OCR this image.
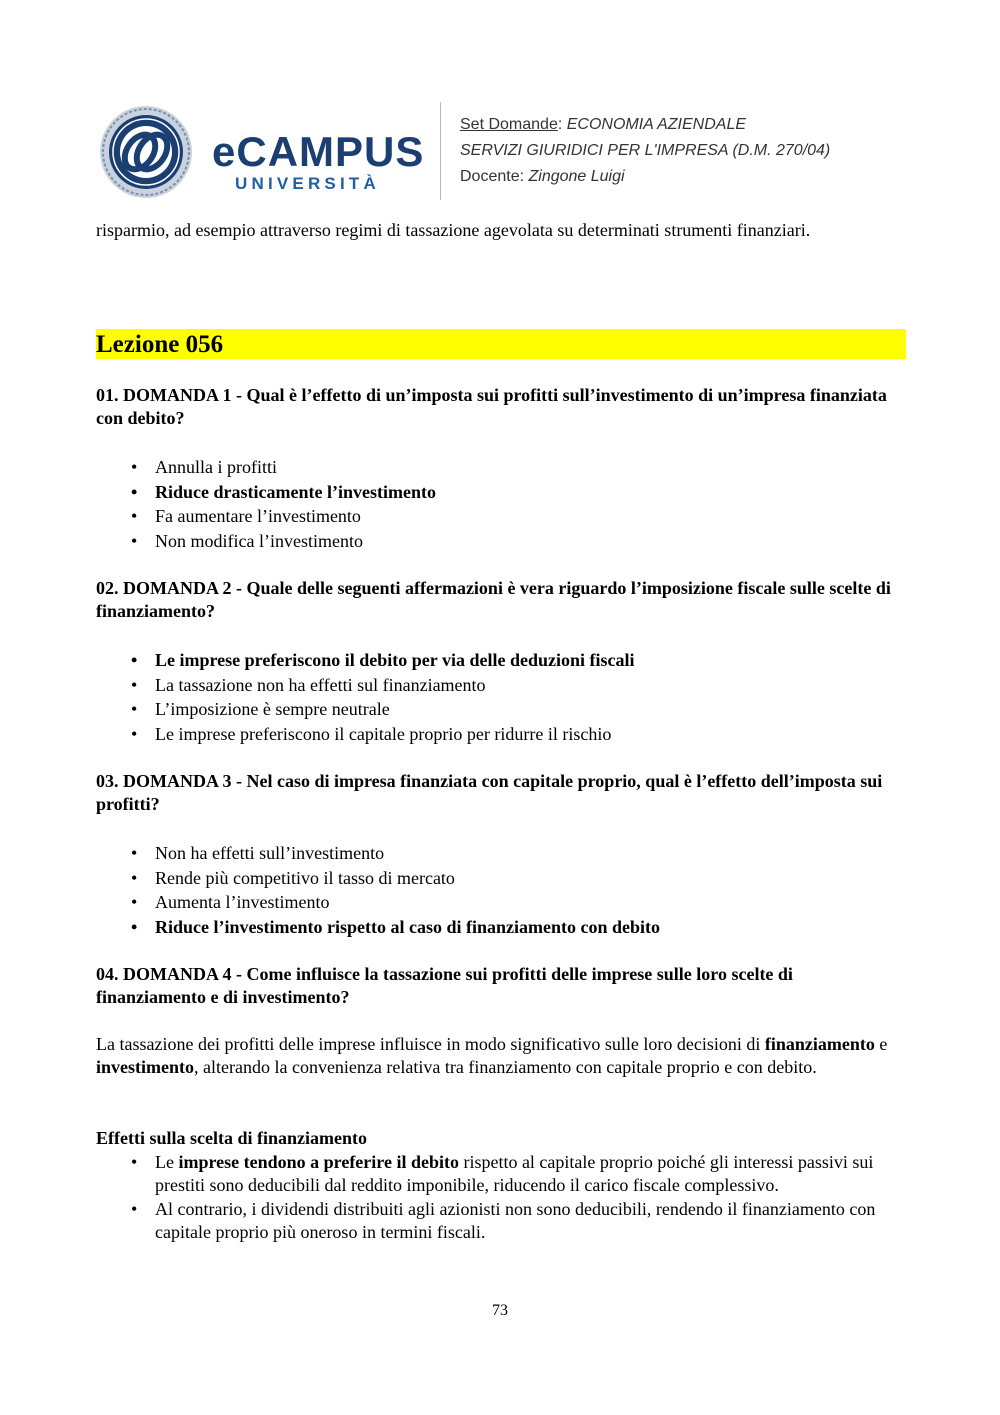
eCAMPUS
UNIVERSITÀ
Set Domande: ECONOMIA AZIENDALE
SERVIZI GIURIDICI PER L'IMPRESA (D.M. 270/04)
Docente: Zingone Luigi

risparmio, ad esempio attraverso regimi di tassazione agevolata su determinati strumenti finanziari.

Lezione 056

01. DOMANDA 1 - Qual è l’effetto di un’imposta sui profitti sull’investimento di un’impresa finanziata con debito?

• Annulla i profitti
• Riduce drasticamente l’investimento
• Fa aumentare l’investimento
• Non modifica l’investimento

02. DOMANDA 2 - Quale delle seguenti affermazioni è vera riguardo l’imposizione fiscale sulle scelte di finanziamento?

• Le imprese preferiscono il debito per via delle deduzioni fiscali
• La tassazione non ha effetti sul finanziamento
• L’imposizione è sempre neutrale
• Le imprese preferiscono il capitale proprio per ridurre il rischio

03. DOMANDA 3 - Nel caso di impresa finanziata con capitale proprio, qual è l’effetto dell’imposta sui profitti?

• Non ha effetti sull’investimento
• Rende più competitivo il tasso di mercato
• Aumenta l’investimento
• Riduce l’investimento rispetto al caso di finanziamento con debito

04. DOMANDA 4 - Come influisce la tassazione sui profitti delle imprese sulle loro scelte di finanziamento e di investimento?

La tassazione dei profitti delle imprese influisce in modo significativo sulle loro decisioni di finanziamento e investimento, alterando la convenienza relativa tra finanziamento con capitale proprio e con debito.

Effetti sulla scelta di finanziamento

• Le imprese tendono a preferire il debito rispetto al capitale proprio poiché gli interessi passivi sui prestiti sono deducibili dal reddito imponibile, riducendo il carico fiscale complessivo.
• Al contrario, i dividendi distribuiti agli azionisti non sono deducibili, rendendo il finanziamento con capitale proprio più oneroso in termini fiscali.
73
